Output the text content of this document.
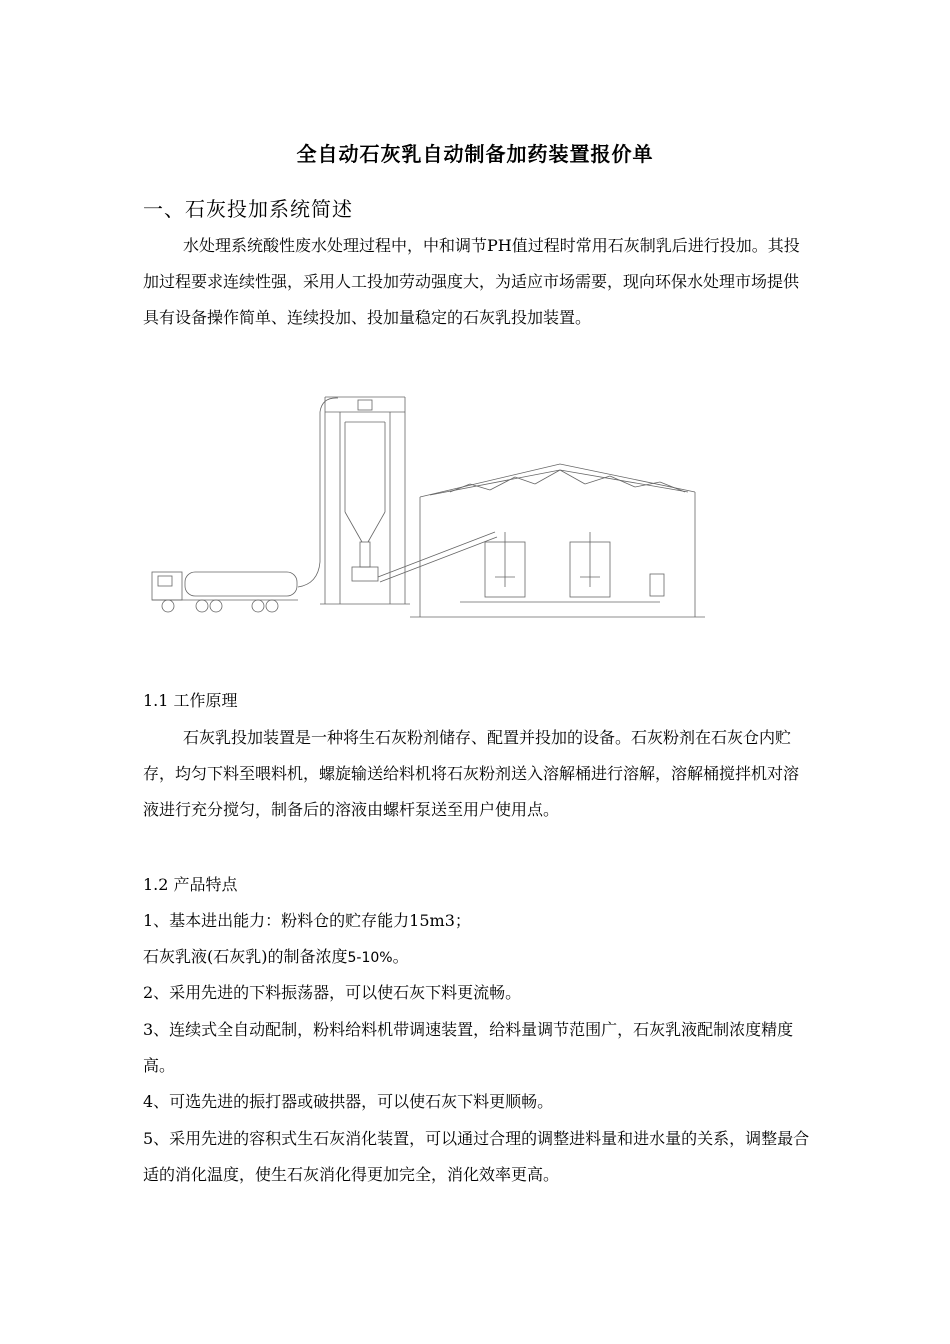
全自动石灰乳自动制备加药装置报价单
一、石灰投加系统简述
水处理系统酸性废水处理过程中，中和调节PH值过程时常用石灰制乳后进行投加。其投加过程要求连续性强，采用人工投加劳动强度大，为适应市场需要，现向环保水处理市场提供具有设备操作简单、连续投加、投加量稳定的石灰乳投加装置。
1.1 工作原理
石灰乳投加装置是一种将生石灰粉剂储存、配置并投加的设备。石灰粉剂在石灰仓内贮存，均匀下料至喂料机，螺旋输送给料机将石灰粉剂送入溶解桶进行溶解，溶解桶搅拌机对溶液进行充分搅匀，制备后的溶液由螺杆泵送至用户使用点。
1.2 产品特点
1、基本进出能力：粉料仓的贮存能力15m3；
石灰乳液(石灰乳)的制备浓度5-10%。
2、采用先进的下料振荡器，可以使石灰下料更流畅。
3、连续式全自动配制，粉料给料机带调速装置，给料量调节范围广，石灰乳液配制浓度精度高。
4、可选先进的振打器或破拱器，可以使石灰下料更顺畅。
5、采用先进的容积式生石灰消化装置，可以通过合理的调整进料量和进水量的关系，调整最合适的消化温度，使生石灰消化得更加完全，消化效率更高。
